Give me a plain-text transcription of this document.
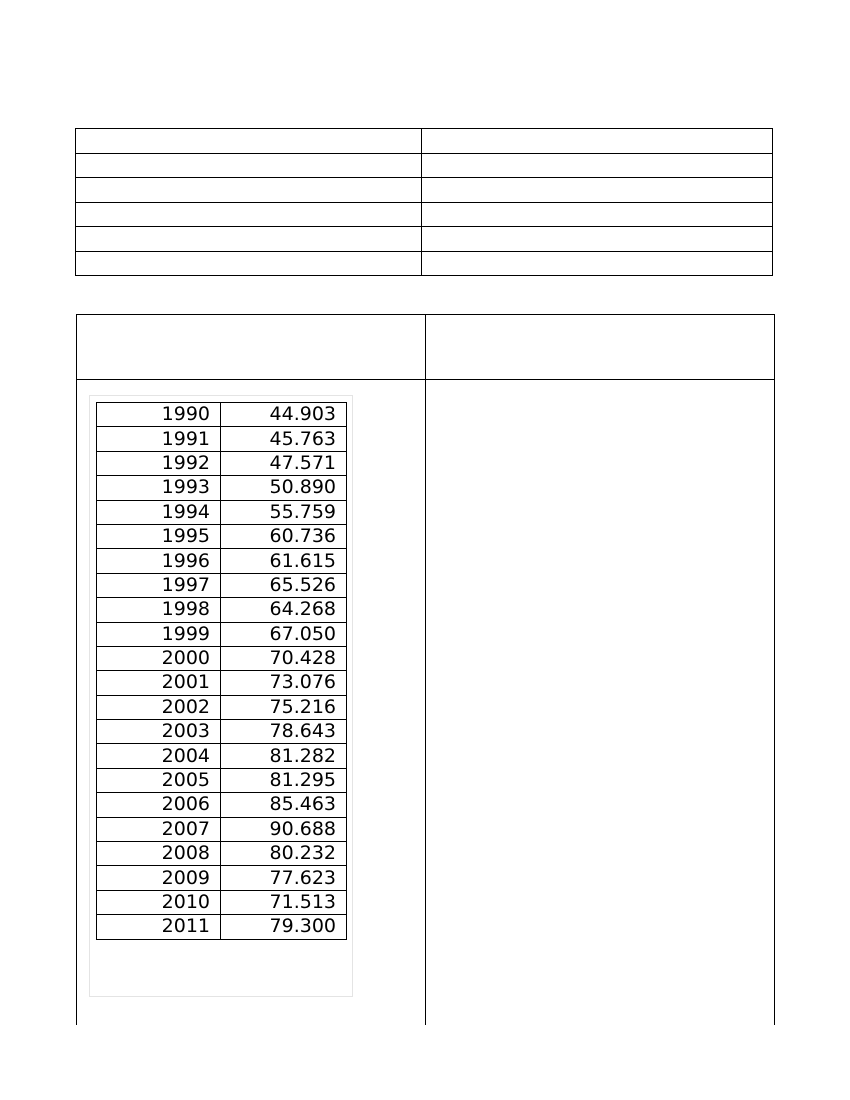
1990	44.903
1991	45.763
1992	47.571
1993	50.890
1994	55.759
1995	60.736
1996	61.615
1997	65.526
1998	64.268
1999	67.050
2000	70.428
2001	73.076
2002	75.216
2003	78.643
2004	81.282
2005	81.295
2006	85.463
2007	90.688
2008	80.232
2009	77.623
2010	71.513
2011	79.300
